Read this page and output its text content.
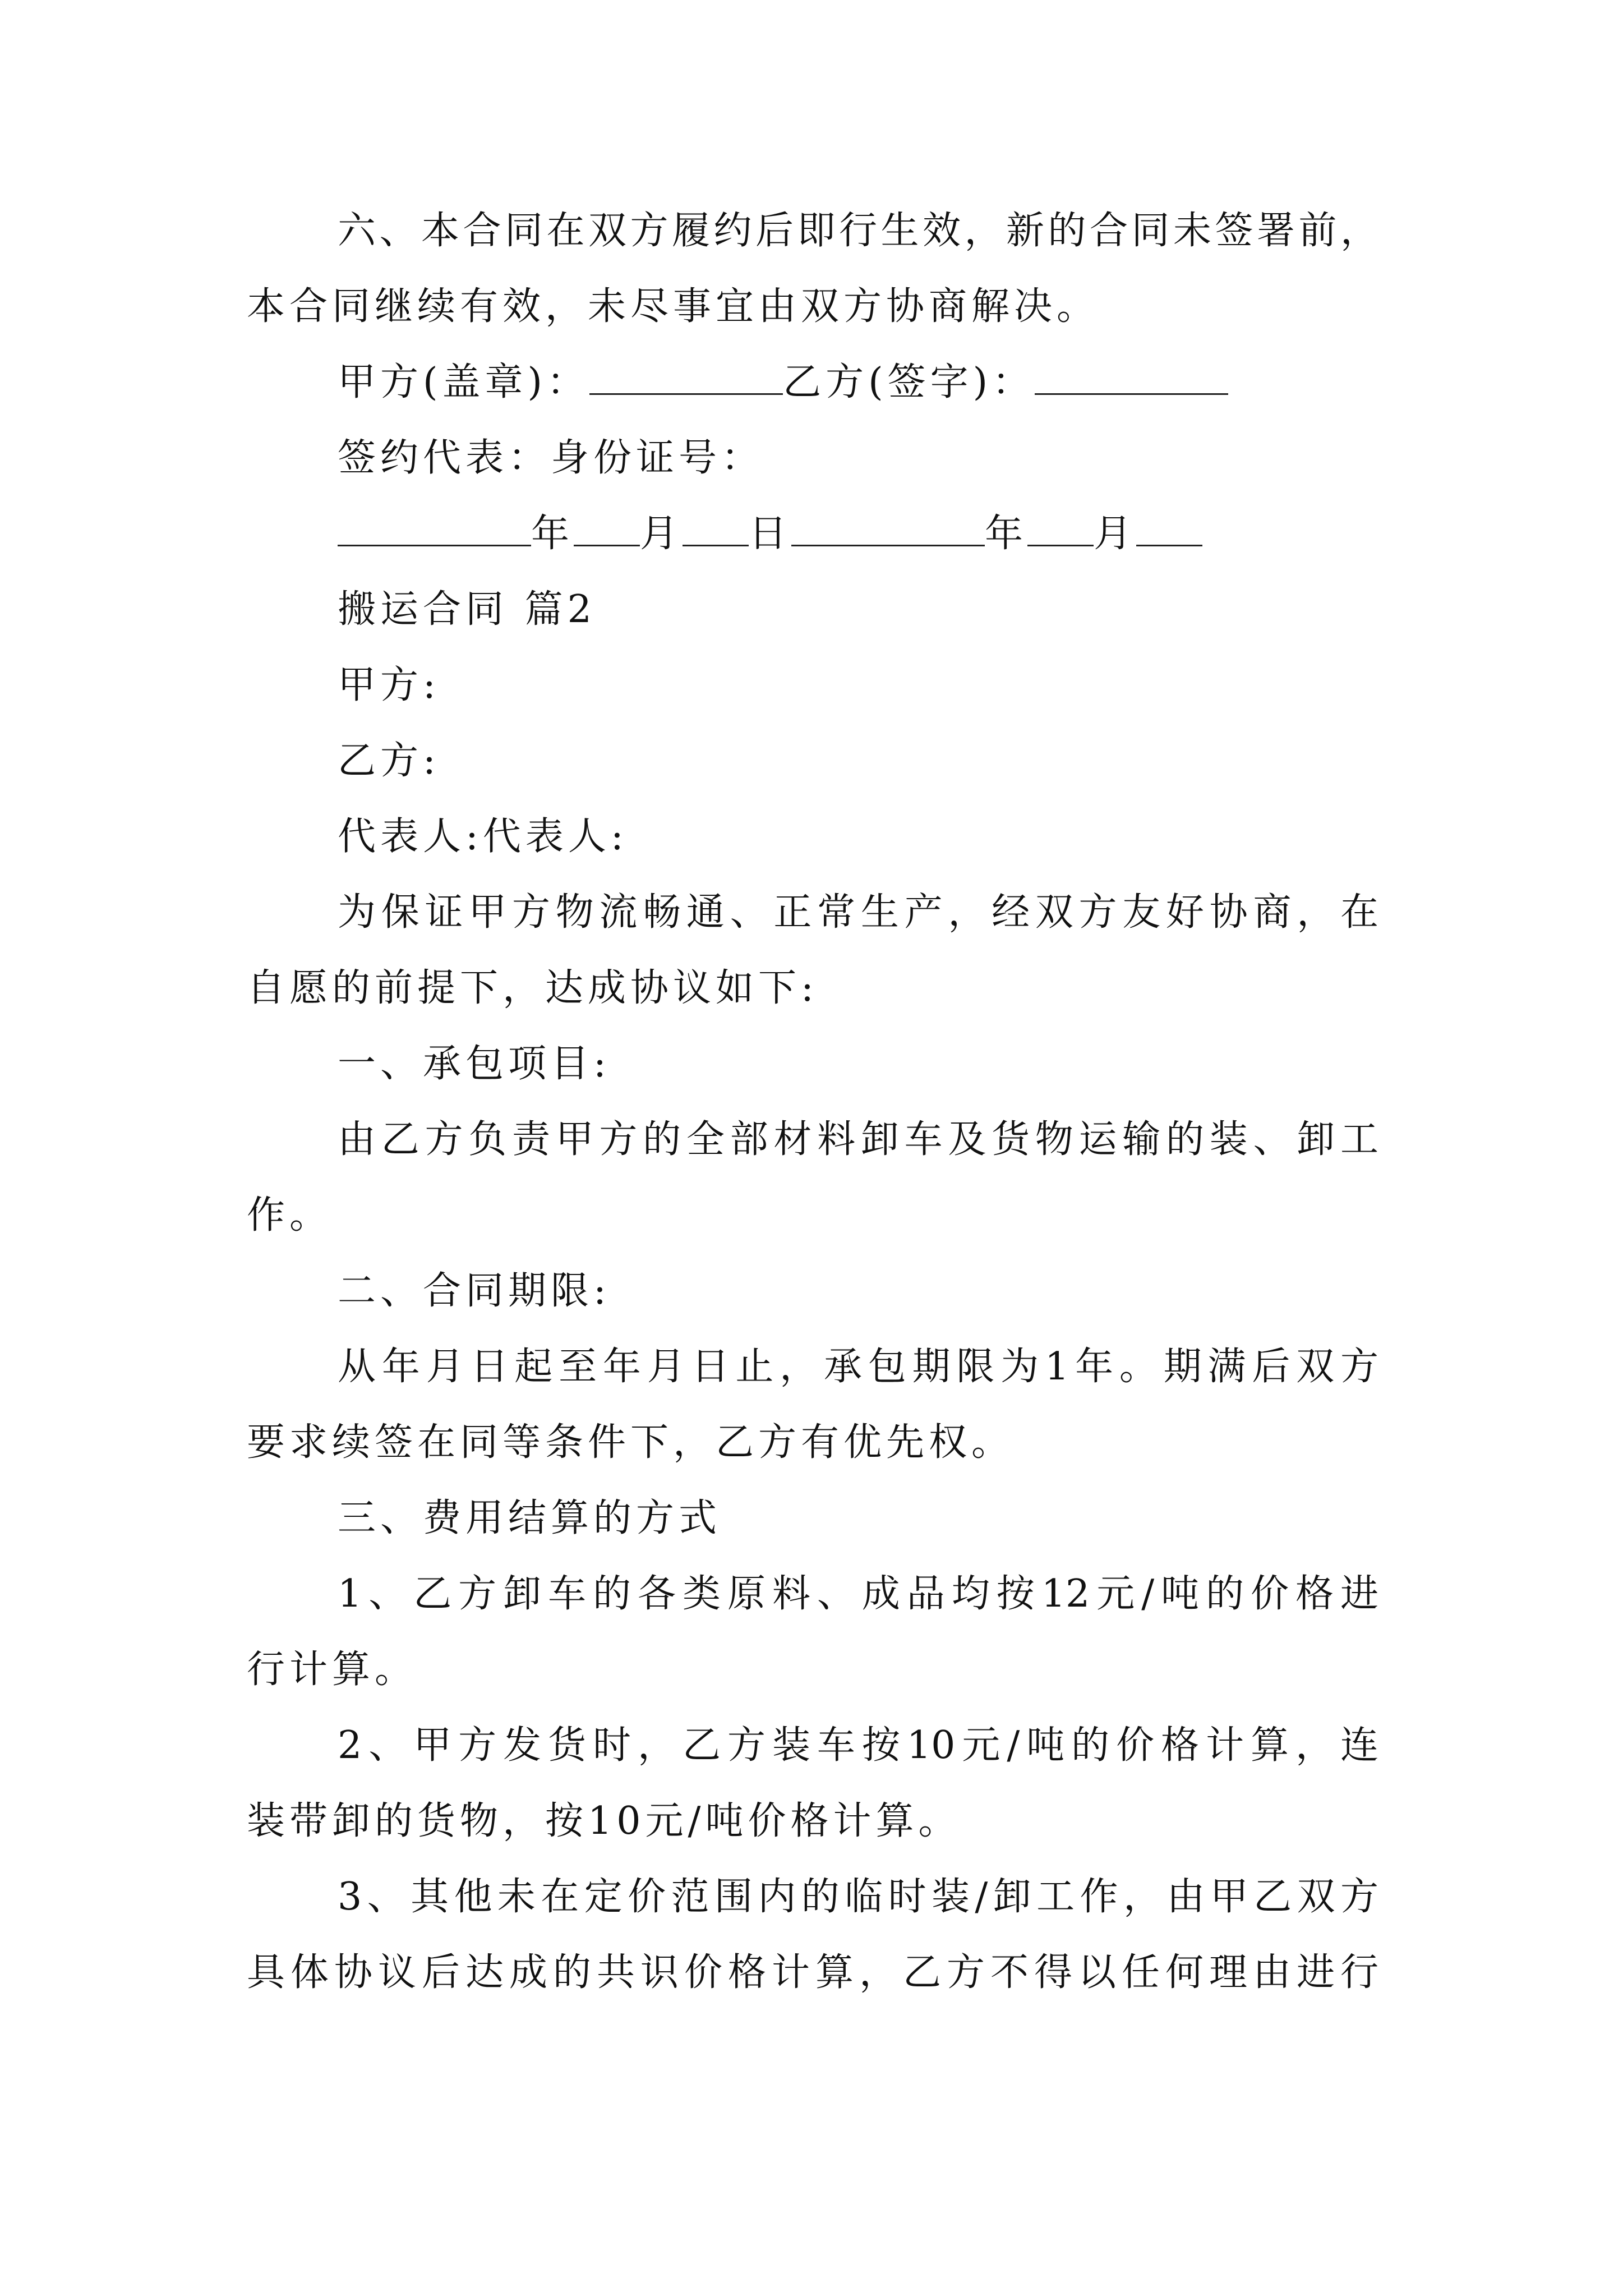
六、本合同在双方履约后即行生效，新的合同未签署前，
本合同继续有效，未尽事宜由双方协商解决。
甲方(盖章)：	乙方(签字)：
签约代表：身份证号：
年 月 日	年 月
搬运合同 篇2
甲方:
乙方:
代表人:代表人:
为保证甲方物流畅通、正常生产，经双方友好协商，在
自愿的前提下，达成协议如下:
一、承包项目:
由乙方负责甲方的全部材料卸车及货物运输的装、卸工
作。
二、合同期限:
从年月日起至年月日止，承包期限为1年。期满后双方
要求续签在同等条件下，乙方有优先权。
三、费用结算的方式
1、乙方卸车的各类原料、成品均按12元/吨的价格进
行计算。
2、甲方发货时，乙方装车按10元/吨的价格计算，连
装带卸的货物，按10元/吨价格计算。
3、其他未在定价范围内的临时装/卸工作，由甲乙双方
具体协议后达成的共识价格计算，乙方不得以任何理由进行
